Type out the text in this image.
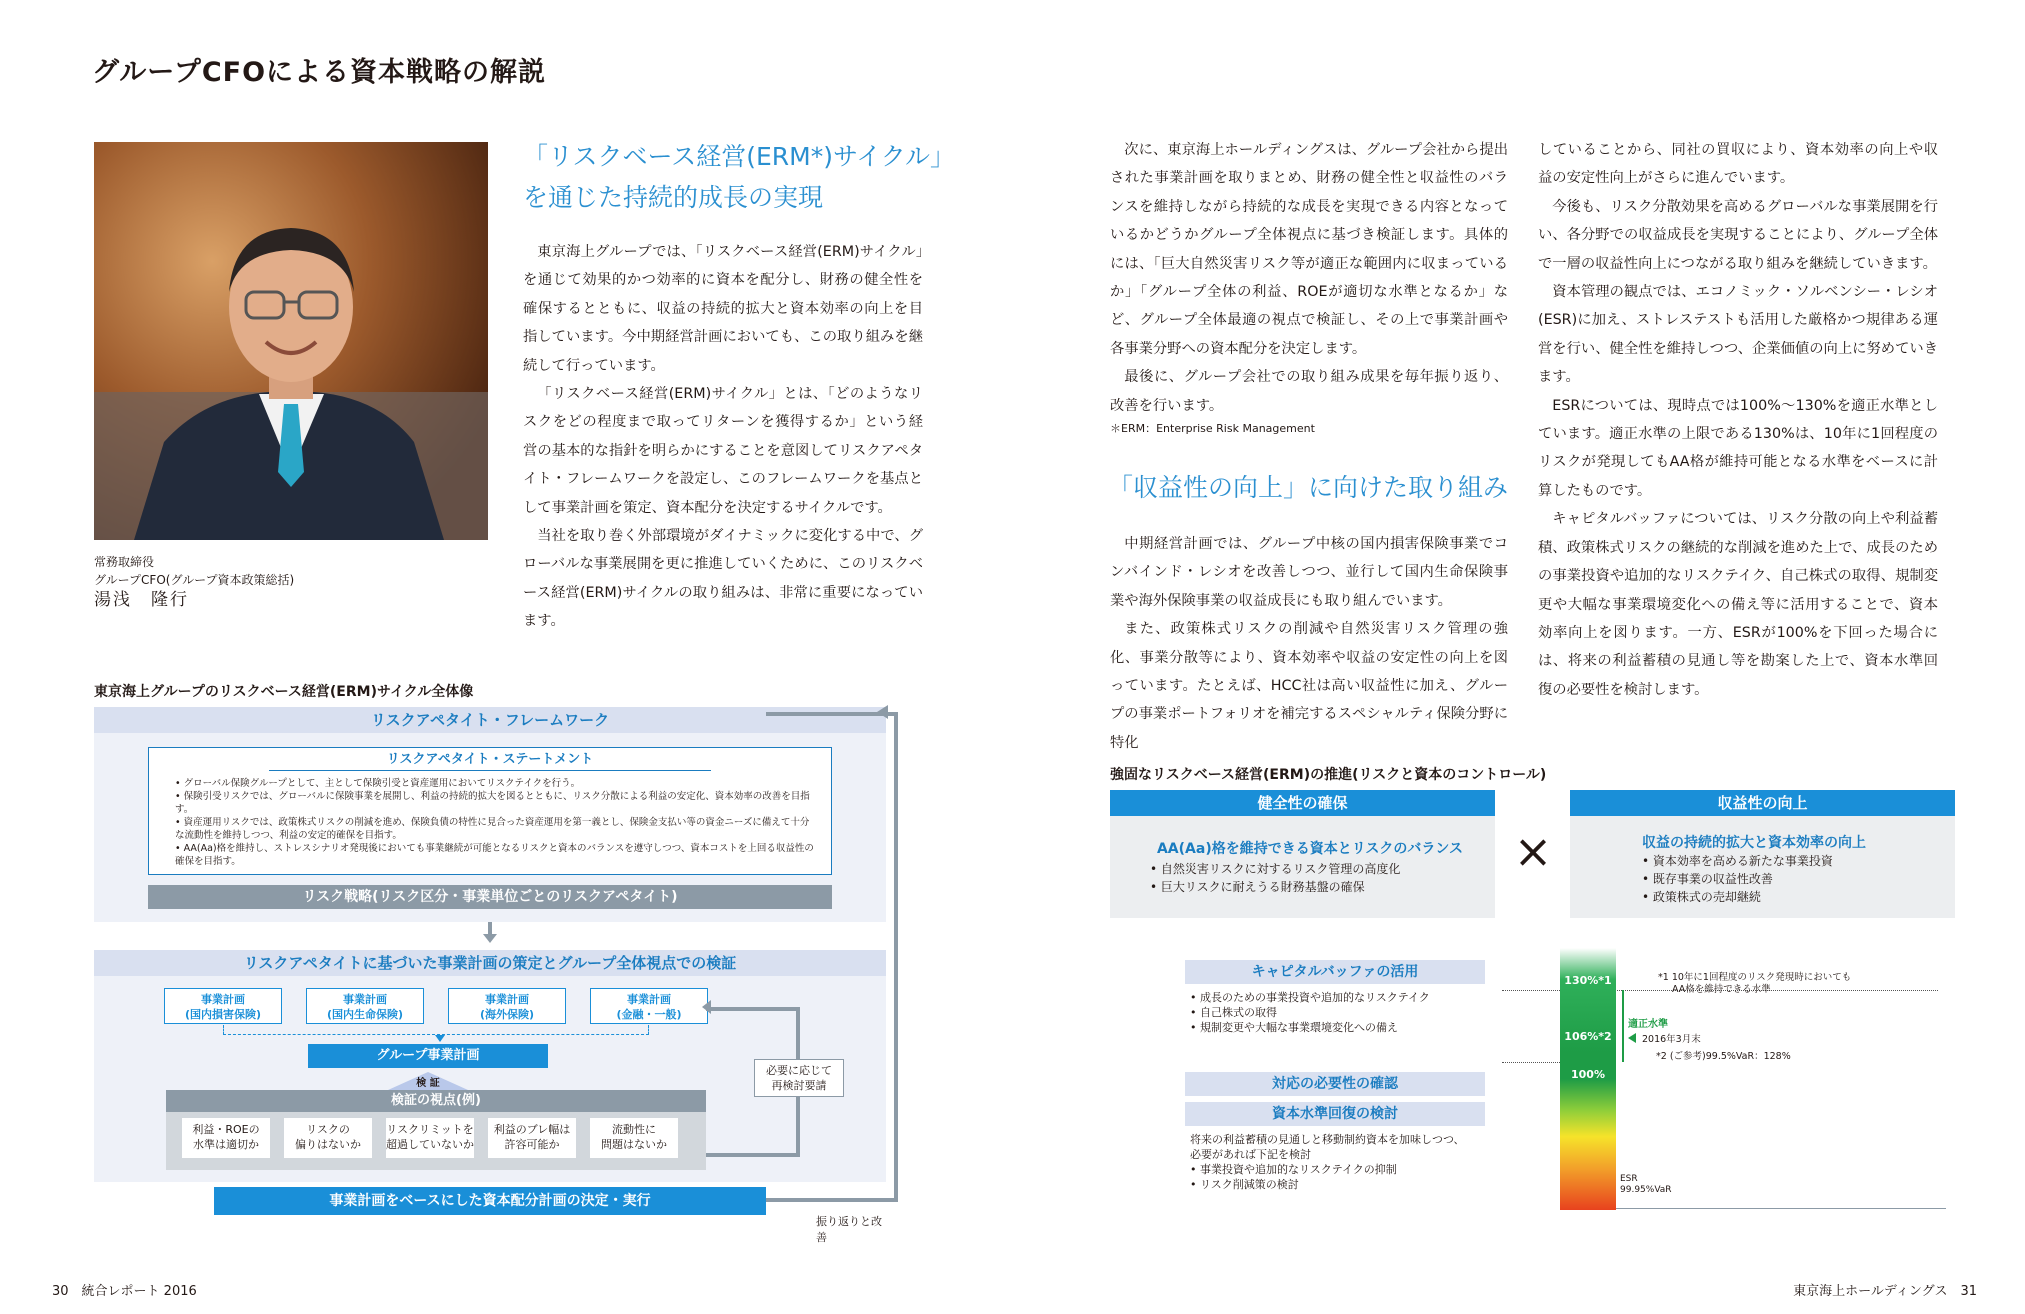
グループCFOによる資本戦略の解説
常務取締役
グループCFO(グループ資本政策総括)
湯浅　隆行
「リスクベース経営(ERM*)サイクル」
を通じた持続的成長の実現

東京海上グループでは、「リスクベース経営(ERM)サイクル」を通じて効果的かつ効率的に資本を配分し、財務の健全性を確保するとともに、収益の持続的拡大と資本効率の向上を目指しています。今中期経営計画においても、この取り組みを継続して行っています。

「リスクベース経営(ERM)サイクル」とは、「どのようなリスクをどの程度まで取ってリターンを獲得するか」という経営の基本的な指針を明らかにすることを意図してリスクアペタイト・フレームワークを設定し、このフレームワークを基点として事業計画を策定、資本配分を決定するサイクルです。

当社を取り巻く外部環境がダイナミックに変化する中で、グローバルな事業展開を更に推進していくために、このリスクベース経営(ERM)サイクルの取り組みは、非常に重要になっています。

東京海上グループのリスクベース経営(ERM)サイクル全体像
リスクアペタイト・フレームワーク
リスクアペタイト・ステートメント
• グローバル保険グループとして、主として保険引受と資産運用においてリスクテイクを行う。
• 保険引受リスクでは、グローバルに保険事業を展開し、利益の持続的拡大を図るとともに、リスク分散による利益の安定化、資本効率の改善を目指す。
• 資産運用リスクでは、政策株式リスクの削減を進め、保険負債の特性に見合った資産運用を第一義とし、保険金支払い等の資金ニーズに備えて十分な流動性を維持しつつ、利益の安定的確保を目指す。
• AA(Aa)格を維持し、ストレスシナリオ発現後においても事業継続が可能となるリスクと資本のバランスを遵守しつつ、資本コストを上回る収益性の確保を目指す。
リスク戦略(リスク区分・事業単位ごとのリスクアペタイト)
リスクアペタイトに基づいた事業計画の策定とグループ全体視点での検証
事業計画
(国内損害保険)
事業計画
(国内生命保険)
事業計画
(海外保険)
事業計画
(金融・一般)
グループ事業計画
検 証
検証の視点(例)
利益・ROEの
水準は適切か
リスクの
偏りはないか
リスクリミットを
超過していないか
利益のブレ幅は
許容可能か
流動性に
問題はないか
必要に応じて
再検討要請
事業計画をベースにした資本配分計画の決定・実行
振り返りと改善
30　統合レポート 2016

次に、東京海上ホールディングスは、グループ会社から提出された事業計画を取りまとめ、財務の健全性と収益性のバランスを維持しながら持続的な成長を実現できる内容となっているかどうかグループ全体視点に基づき検証します。具体的には、「巨大自然災害リスク等が適正な範囲内に収まっているか」「グループ全体の利益、ROEが適切な水準となるか」など、グループ全体最適の視点で検証し、その上で事業計画や各事業分野への資本配分を決定します。

最後に、グループ会社での取り組み成果を毎年振り返り、改善を行います。

＊ERM：Enterprise Risk Management
「収益性の向上」に向けた取り組み

中期経営計画では、グループ中核の国内損害保険事業でコンバインド・レシオを改善しつつ、並行して国内生命保険事業や海外保険事業の収益成長にも取り組んでいます。

また、政策株式リスクの削減や自然災害リスク管理の強化、事業分散等により、資本効率や収益の安定性の向上を図っています。たとえば、HCC社は高い収益性に加え、グループの事業ポートフォリオを補完するスペシャルティ保険分野に特化

していることから、同社の買収により、資本効率の向上や収益の安定性向上がさらに進んでいます。

今後も、リスク分散効果を高めるグローバルな事業展開を行い、各分野での収益成長を実現することにより、グループ全体で一層の収益性向上につながる取り組みを継続していきます。

資本管理の観点では、エコノミック・ソルベンシー・レシオ(ESR)に加え、ストレステストも活用した厳格かつ規律ある運営を行い、健全性を維持しつつ、企業価値の向上に努めていきます。

ESRについては、現時点では100%～130%を適正水準としています。適正水準の上限である130%は、10年に1回程度のリスクが発現してもAA格が維持可能となる水準をベースに計算したものです。

キャピタルバッファについては、リスク分散の向上や利益蓄積、政策株式リスクの継続的な削減を進めた上で、成長のための事業投資や追加的なリスクテイク、自己株式の取得、規制変更や大幅な事業環境変化への備え等に活用することで、資本効率向上を図ります。一方、ESRが100%を下回った場合には、将来の利益蓄積の見通し等を勘案した上で、資本水準回復の必要性を検討します。

強固なリスクベース経営(ERM)の推進(リスクと資本のコントロール)
健全性の確保
AA(Aa)格を維持できる資本とリスクのバランス
• 自然災害リスクに対するリスク管理の高度化
• 巨大リスクに耐えうる財務基盤の確保
×
収益性の向上
収益の持続的拡大と資本効率の向上
• 資本効率を高める新たな事業投資
• 既存事業の収益性改善
• 政策株式の売却継続
キャピタルバッファの活用
• 成長のための事業投資や追加的なリスクテイク
• 自己株式の取得
• 規制変更や大幅な事業環境変化への備え
対応の必要性の確認
資本水準回復の検討
将来の利益蓄積の見通しと移動制約資本を加味しつつ、
必要があれば下記を検討
• 事業投資や追加的なリスクテイクの抑制
• リスク削減策の検討
130%*1
106%*2
100%
*1 10年に1回程度のリスク発現時においても
AA格を維持できる水準
適正水準
2016年3月末
*2 (ご参考)99.5%VaR：128%
ESR
99.95%VaR
東京海上ホールディングス　31
